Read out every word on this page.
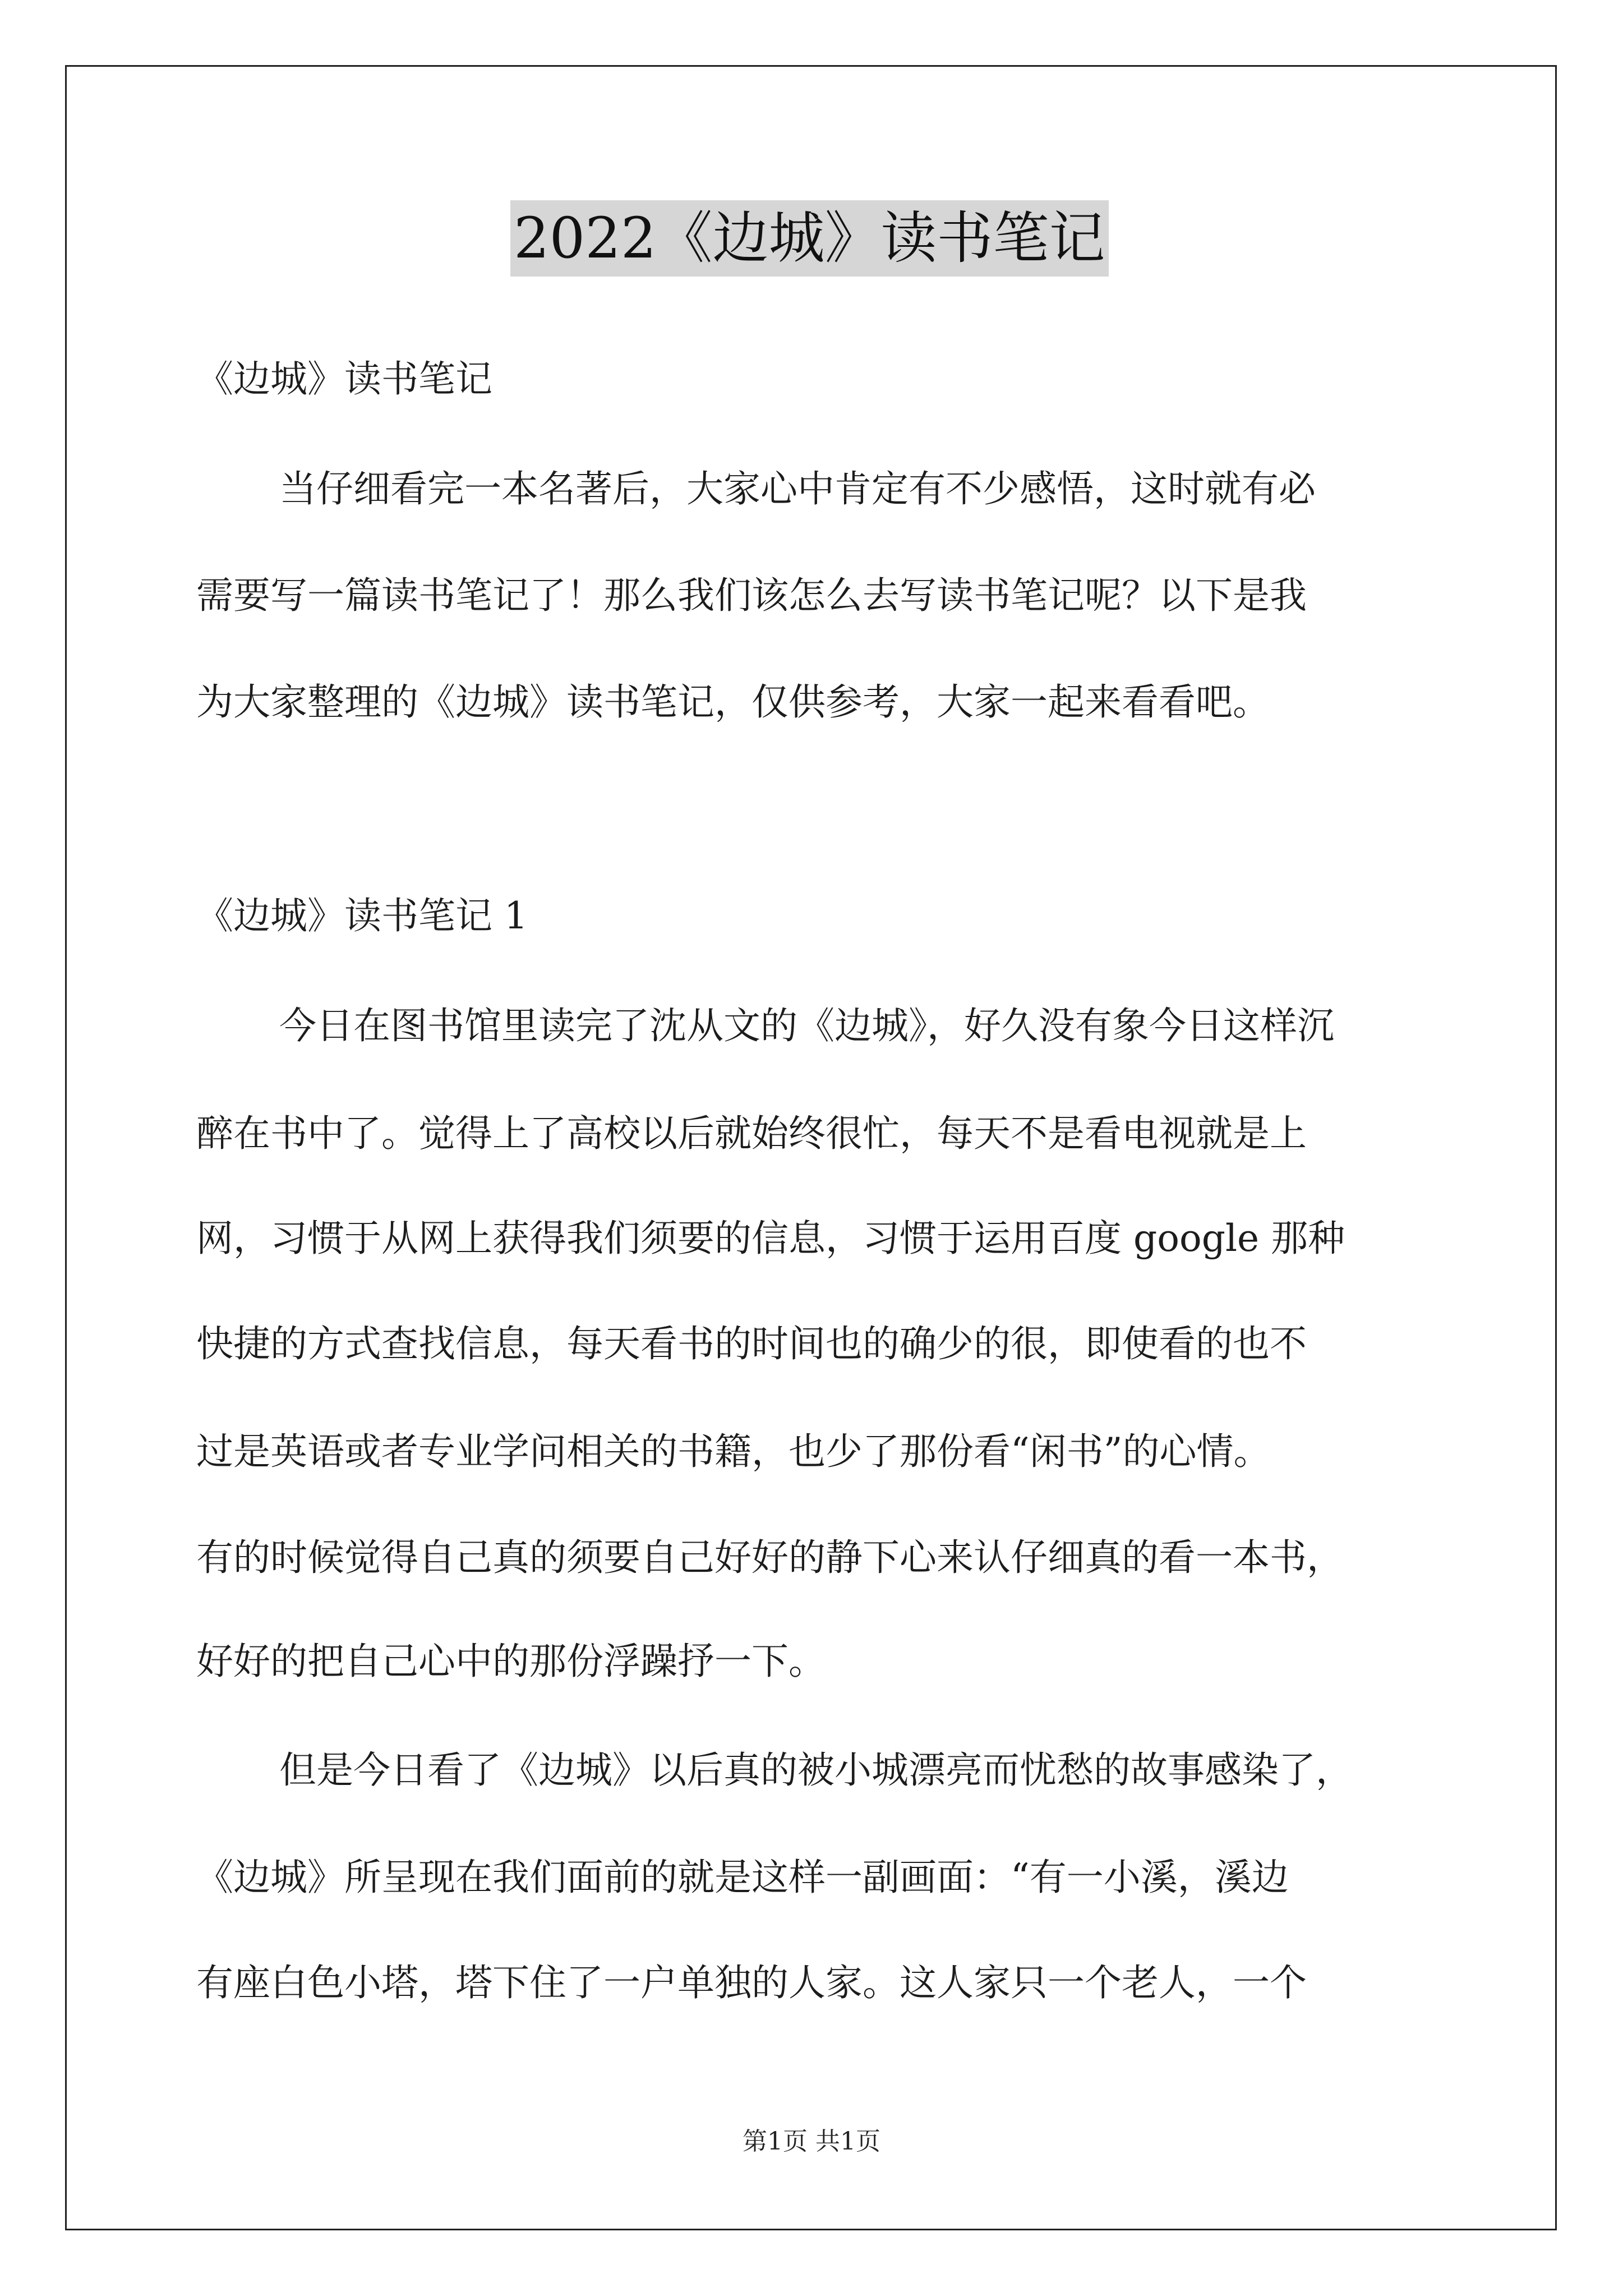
2022《边城》读书笔记
《边城》读书笔记
当仔细看完一本名著后，大家心中肯定有不少感悟，这时就有必
需要写一篇读书笔记了！那么我们该怎么去写读书笔记呢？以下是我
为大家整理的《边城》读书笔记，仅供参考，大家一起来看看吧。
《边城》读书笔记 1
今日在图书馆里读完了沈从文的《边城》，好久没有象今日这样沉
醉在书中了。觉得上了高校以后就始终很忙，每天不是看电视就是上
网，习惯于从网上获得我们须要的信息，习惯于运用百度 google 那种
快捷的方式查找信息，每天看书的时间也的确少的很，即使看的也不
过是英语或者专业学问相关的书籍，也少了那份看“闲书”的心情。
有的时候觉得自己真的须要自己好好的静下心来认仔细真的看一本书，
好好的把自己心中的那份浮躁抒一下。
但是今日看了《边城》以后真的被小城漂亮而忧愁的故事感染了，
《边城》所呈现在我们面前的就是这样一副画面：“有一小溪，溪边
有座白色小塔，塔下住了一户单独的人家。这人家只一个老人，一个
第1页 共1页
